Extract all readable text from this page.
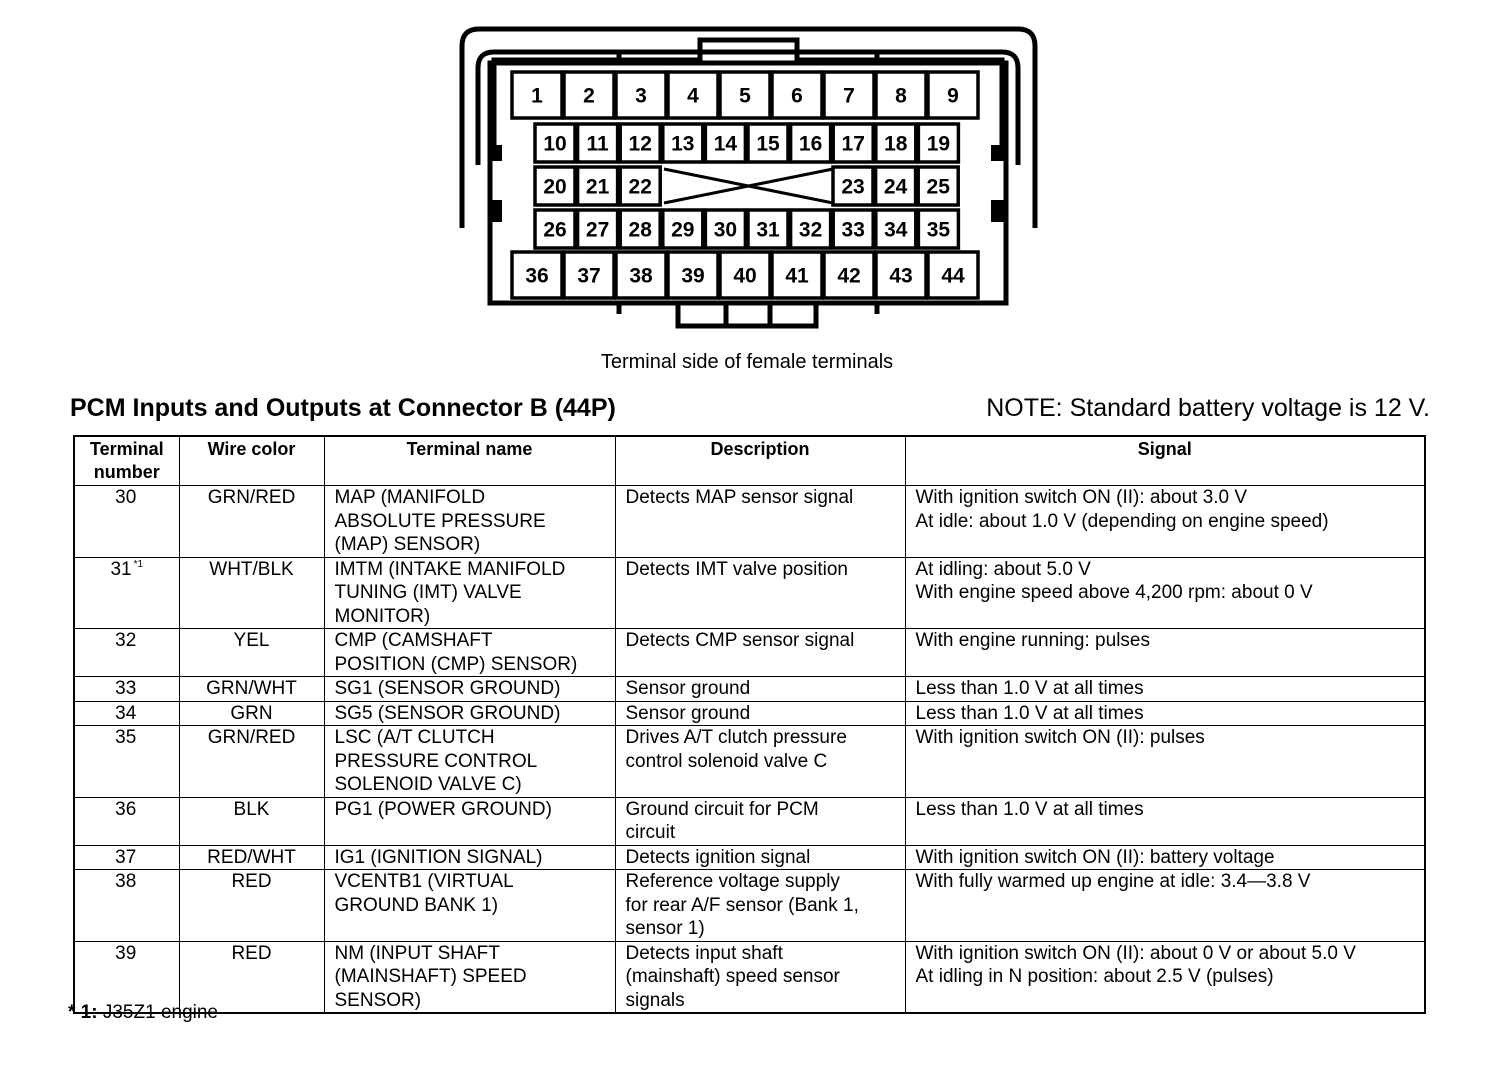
1 2 3 4 5 6 7 8 9
10 11 12 13 14 15 16 17 18 19
20 21 22	23 24 25
26 27 28 29 30 31 32 33 34 35
36 37 38 39 40 41 42 43 44
Terminal side of female terminals
PCM Inputs and Outputs at Connector B (44P)	NOTE: Standard battery voltage is 12 V.
Terminal
number	Wire color	Terminal name	Description	Signal
30	GRN/RED	MAP (MANIFOLD
ABSOLUTE PRESSURE
(MAP) SENSOR)	Detects MAP sensor signal	With ignition switch ON (II): about 3.0 V
At idle: about 1.0 V (depending on engine speed)
31 $^{*1}$	WHT/BLK	IMTM (INTAKE MANIFOLD
TUNING (IMT) VALVE
MONITOR)	Detects IMT valve position	At idling: about 5.0 V
With engine speed above 4,200 rpm: about 0 V
32	YEL	CMP (CAMSHAFT
POSITION (CMP) SENSOR)	Detects CMP sensor signal	With engine running: pulses
33	GRN/WHT	SG1 (SENSOR GROUND)	Sensor ground	Less than 1.0 V at all times
34	GRN	SG5 (SENSOR GROUND)	Sensor ground	Less than 1.0 V at all times
35	GRN/RED	LSC (A/T CLUTCH
PRESSURE CONTROL
SOLENOID VALVE C)	Drives A/T clutch pressure
control solenoid valve C	With ignition switch ON (II): pulses
36	BLK	PG1 (POWER GROUND)	Ground circuit for PCM
circuit	Less than 1.0 V at all times
37	RED/WHT	IG1 (IGNITION SIGNAL)	Detects ignition signal	With ignition switch ON (II): battery voltage
38	RED	VCENTB1 (VIRTUAL
GROUND BANK 1)	Reference voltage supply
for rear A/F sensor (Bank 1,
sensor 1)	With fully warmed up engine at idle: 3.4—3.8 V
39	RED	NM (INPUT SHAFT
(MAINSHAFT) SPEED
SENSOR)	Detects input shaft
(mainshaft) speed sensor
signals	With ignition switch ON (II): about 0 V or about 5.0 V
At idling in N position: about 2.5 V (pulses)
* 1: J35Z1 engine
